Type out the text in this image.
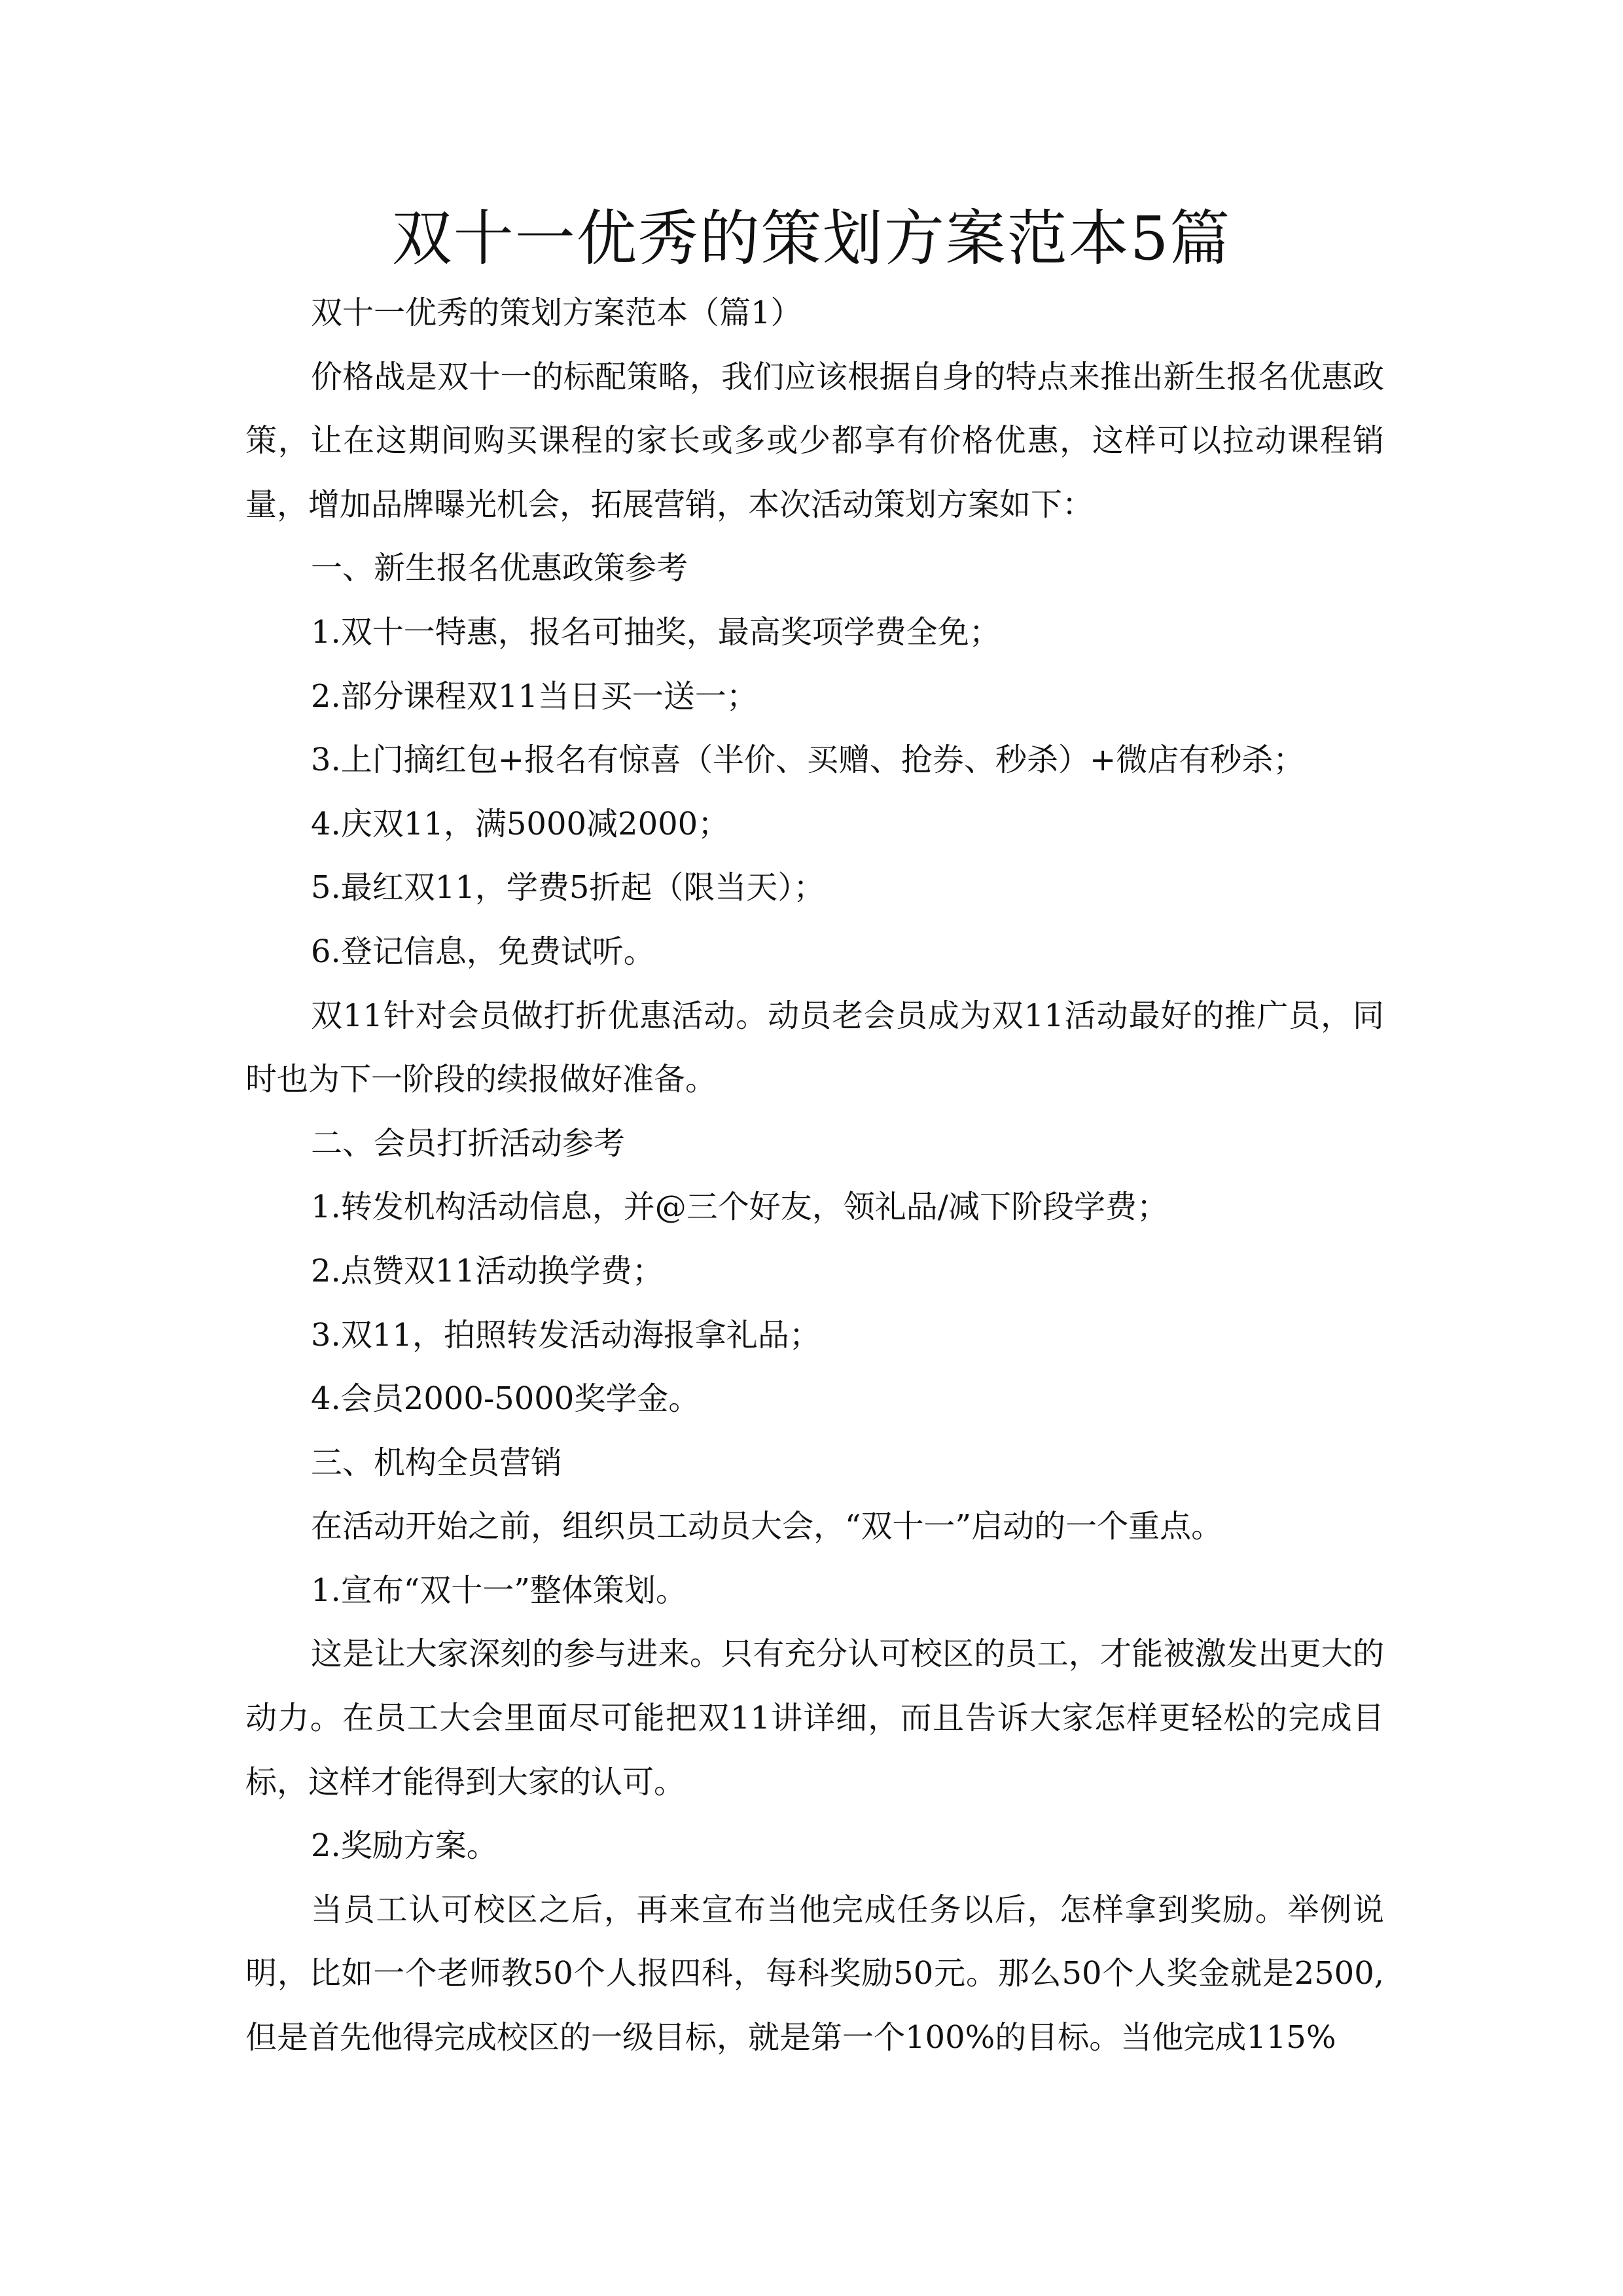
双十一优秀的策划方案范本5篇

双十一优秀的策划方案范本（篇1）

价格战是双十一的标配策略，我们应该根据自身的特点来推出新生报名优惠政策，让在这期间购买课程的家长或多或少都享有价格优惠，这样可以拉动课程销量，增加品牌曝光机会，拓展营销，本次活动策划方案如下：

一、新生报名优惠政策参考

1.双十一特惠，报名可抽奖，最高奖项学费全免；

2.部分课程双11当日买一送一；

3.上门摘红包+报名有惊喜（半价、买赠、抢券、秒杀）+微店有秒杀；

4.庆双11，满5000减2000；

5.最红双11，学费5折起（限当天）；

6.登记信息，免费试听。

双11针对会员做打折优惠活动。动员老会员成为双11活动最好的推广员，同时也为下一阶段的续报做好准备。

二、会员打折活动参考

1.转发机构活动信息，并@三个好友，领礼品/减下阶段学费；

2.点赞双11活动换学费；

3.双11，拍照转发活动海报拿礼品；

4.会员2000-5000奖学金。

三、机构全员营销

在活动开始之前，组织员工动员大会，“双十一”启动的一个重点。

1.宣布“双十一”整体策划。

这是让大家深刻的参与进来。只有充分认可校区的员工，才能被激发出更大的动力。在员工大会里面尽可能把双11讲详细，而且告诉大家怎样更轻松的完成目标，这样才能得到大家的认可。

2.奖励方案。

当员工认可校区之后，再来宣布当他完成任务以后，怎样拿到奖励。举例说明，比如一个老师教50个人报四科，每科奖励50元。那么50个人奖金就是2500,但是首先他得完成校区的一级目标，就是第一个100%的目标。当他完成115%
